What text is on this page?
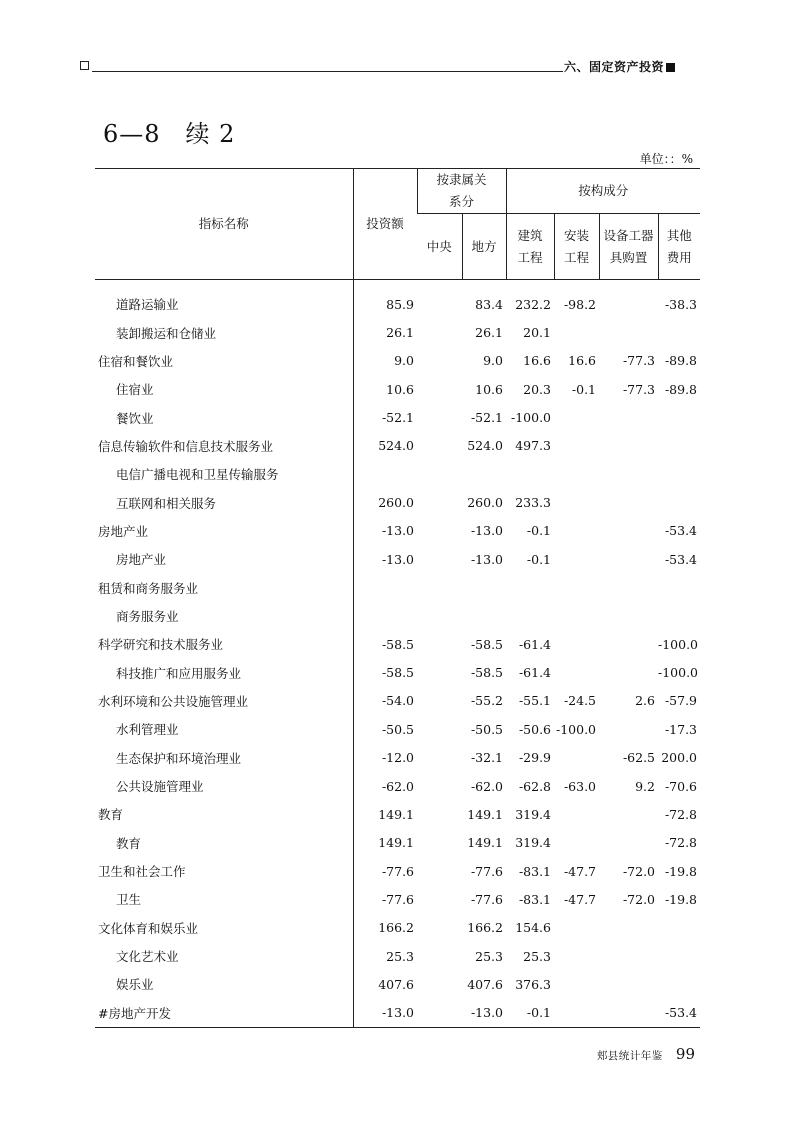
六、固定资产投资
6—8　续 2
单位：：%
指标名称	投资额	按隶属关系分		按构成分			
		中央	地方	建筑工程	安装工程	设备工器具购置	其他费用

道路运输业	85.9		83.4	232.2	-98.2		-38.3
装卸搬运和仓储业	26.1		26.1	20.1			
住宿和餐饮业	9.0		9.0	16.6	16.6	-77.3	-89.8
住宿业	10.6		10.6	20.3	-0.1	-77.3	-89.8
餐饮业	-52.1		-52.1	-100.0			
信息传输软件和信息技术服务业	524.0		524.0	497.3			
电信广播电视和卫星传输服务							
互联网和相关服务	260.0		260.0	233.3			
房地产业	-13.0		-13.0	-0.1			-53.4
房地产业	-13.0		-13.0	-0.1			-53.4
租赁和商务服务业							
商务服务业							
科学研究和技术服务业	-58.5		-58.5	-61.4			-100.0
科技推广和应用服务业	-58.5		-58.5	-61.4			-100.0
水利环境和公共设施管理业	-54.0		-55.2	-55.1	-24.5	2.6	-57.9
水利管理业	-50.5		-50.5	-50.6	-100.0		-17.3
生态保护和环境治理业	-12.0		-32.1	-29.9		-62.5	200.0
公共设施管理业	-62.0		-62.0	-62.8	-63.0	9.2	-70.6
教育	149.1		149.1	319.4			-72.8
教育	149.1		149.1	319.4			-72.8
卫生和社会工作	-77.6		-77.6	-83.1	-47.7	-72.0	-19.8
卫生	-77.6		-77.6	-83.1	-47.7	-72.0	-19.8
文化体育和娱乐业	166.2		166.2	154.6			
文化艺术业	25.3		25.3	25.3			
娱乐业	407.6		407.6	376.3			
#房地产开发	-13.0		-13.0	-0.1			-53.4
郏县统计年鉴 99
